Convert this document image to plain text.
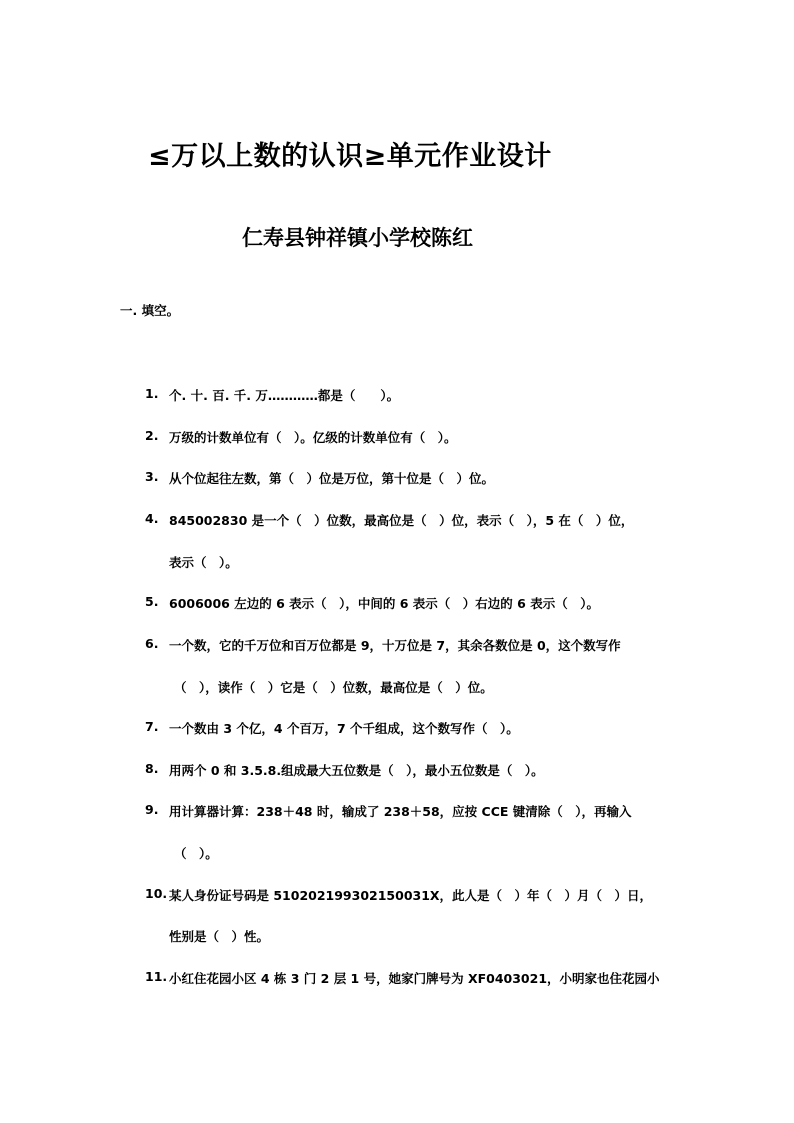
≤万以上数的认识≥单元作业设计
仁寿县钟祥镇小学校陈红
一. 填空。
1. 个. 十. 百. 千. 万…………都是（　　）。
2. 万级的计数单位有（　）。亿级的计数单位有（　）。
3. 从个位起往左数，第（　）位是万位，第十位是（　）位。
4. 845002830 是一个（　）位数，最高位是（　）位，表示（　），5 在（　）位，
表示（　）。
5. 6006006 左边的 6 表示（　），中间的 6 表示（　）右边的 6 表示（　）。
6. 一个数，它的千万位和百万位都是 9，十万位是 7，其余各数位是 0，这个数写作
（　），读作（　）它是（　）位数，最高位是（　）位。
7. 一个数由 3 个亿，4 个百万，7 个千组成，这个数写作（　）。
8. 用两个 0 和 3.5.8.组成最大五位数是（　），最小五位数是（　）。
9. 用计算器计算：238＋48 时，输成了 238＋58，应按 CCE 键清除（　），再输入
（　）。
10. 某人身份证号码是 51020219930215003​1X，此人是（　）年（　）月（　）日，
性别是（　）性。
11. 小红住花园小区 4 栋 3 门 2 层 1 号，她家门牌号为 XF0403021，小明家也住花园小
